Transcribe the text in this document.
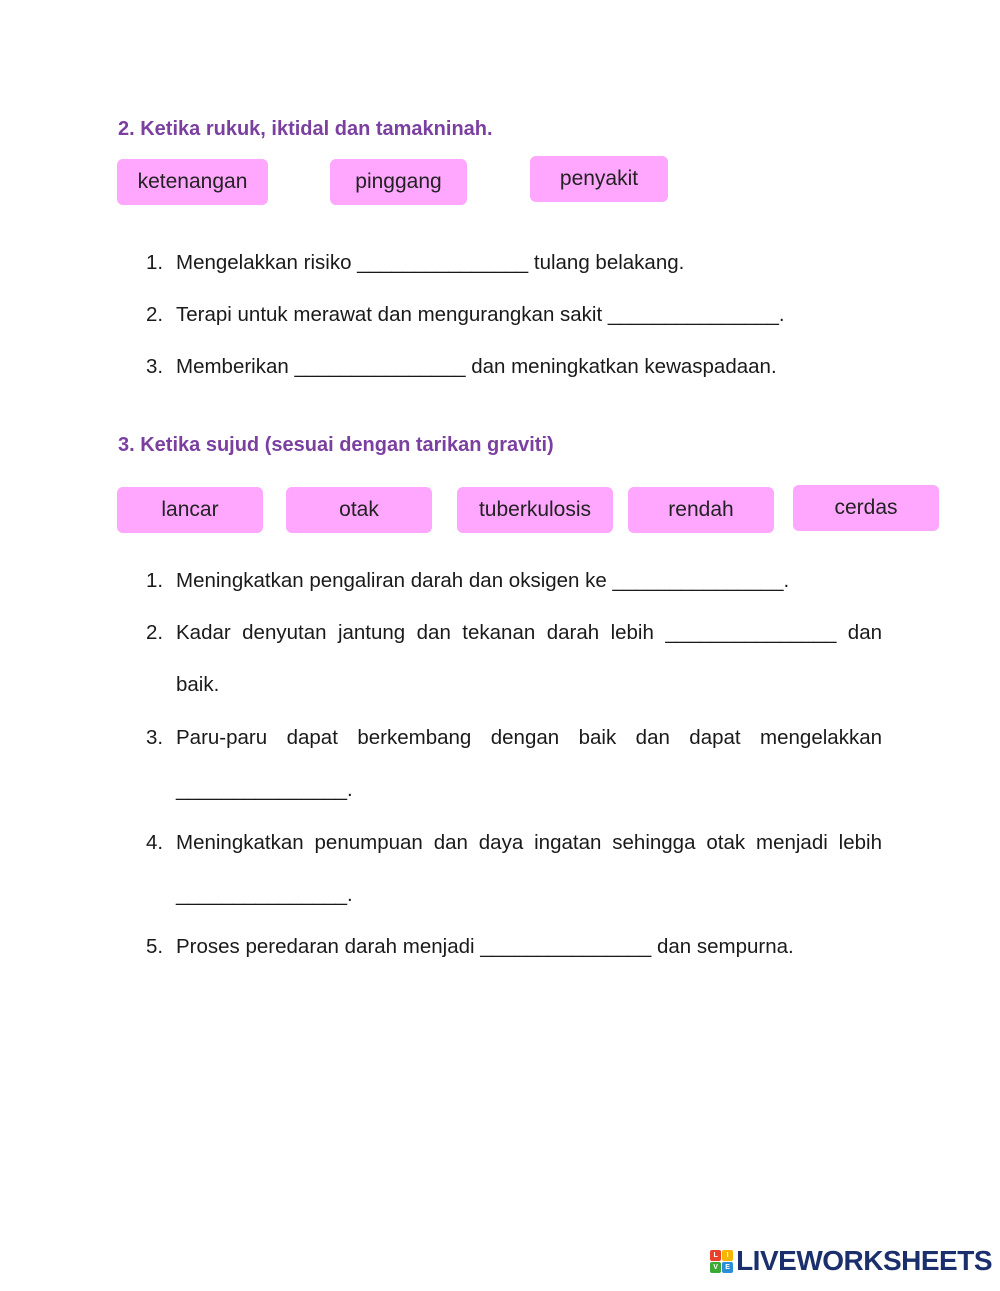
2. Ketika rukuk, iktidal dan tamakninah.
ketenangan	pinggang	penyakit
1. Mengelakkan risiko _______________ tulang belakang.
2. Terapi untuk merawat dan mengurangkan sakit _______________.
3. Memberikan _______________ dan meningkatkan kewaspadaan.
3. Ketika sujud (sesuai dengan tarikan graviti)
lancar	otak	tuberkulosis	rendah	cerdas
1. Meningkatkan pengaliran darah dan oksigen ke _______________.
2. Kadar denyutan jantung dan tekanan darah lebih _______________ dan baik.
3. Paru-paru dapat berkembang dengan baik dan dapat mengelakkan _______________.
4. Meningkatkan penumpuan dan daya ingatan sehingga otak menjadi lebih _______________.
5. Proses peredaran darah menjadi _______________ dan sempurna.
L	I
V	E LIVEWORKSHEETS
